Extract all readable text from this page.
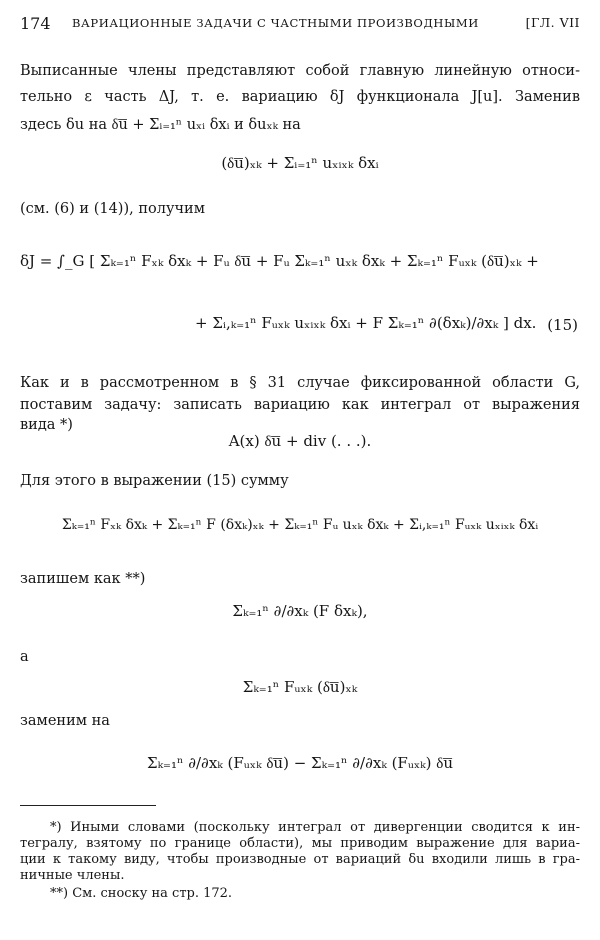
174 ВАРИАЦИОННЫЕ ЗАДАЧИ С ЧАСТНЫМИ ПРОИЗВОДНЫМИ	[ГЛ. VII

Выписанные члены представляют собой главную линейную относи-

тельно ε часть ΔJ, т. е. вариацию δJ функционала J[u]. Заменив

здесь δu на δ͞u + Σᵢ₌₁ⁿ uₓᵢ δxᵢ и δuₓₖ на

(δ͞u)ₓₖ + Σᵢ₌₁ⁿ uₓᵢₓₖ δxᵢ

(см. (6) и (14)), получим

δJ = ∫_G [ Σₖ₌₁ⁿ Fₓₖ δxₖ + Fᵤ δ͞u + Fᵤ Σₖ₌₁ⁿ uₓₖ δxₖ + Σₖ₌₁ⁿ Fᵤₓₖ (δ͞u)ₓₖ +
+ Σᵢ,ₖ₌₁ⁿ Fᵤₓₖ uₓᵢₓₖ δxᵢ + F Σₖ₌₁ⁿ ∂(δxₖ)/∂xₖ ] dx. (15)

Как и в рассмотренном в § 31 случае фиксированной области G,

поставим задачу: записать вариацию как интеграл от выражения

вида *)

A(x) δ͞u + div (. . .).

Для этого в выражении (15) сумму

Σₖ₌₁ⁿ Fₓₖ δxₖ + Σₖ₌₁ⁿ F (δxₖ)ₓₖ + Σₖ₌₁ⁿ Fᵤ uₓₖ δxₖ + Σᵢ,ₖ₌₁ⁿ Fᵤₓₖ uₓᵢₓₖ δxᵢ

запишем как **)

Σₖ₌₁ⁿ ∂/∂xₖ (F δxₖ),

а

Σₖ₌₁ⁿ Fᵤₓₖ (δ͞u)ₓₖ

заменим на

Σₖ₌₁ⁿ ∂/∂xₖ (Fᵤₓₖ δ͞u) − Σₖ₌₁ⁿ ∂/∂xₖ (Fᵤₓₖ) δ͞u

*) Иными словами (поскольку интеграл от дивергенции сводится к ин-

тегралу, взятому по границе области), мы приводим выражение для вариа-

ции к такому виду, чтобы производные от вариаций δu входили лишь в гра-

ничные члены.

**) См. сноску на стр. 172.
